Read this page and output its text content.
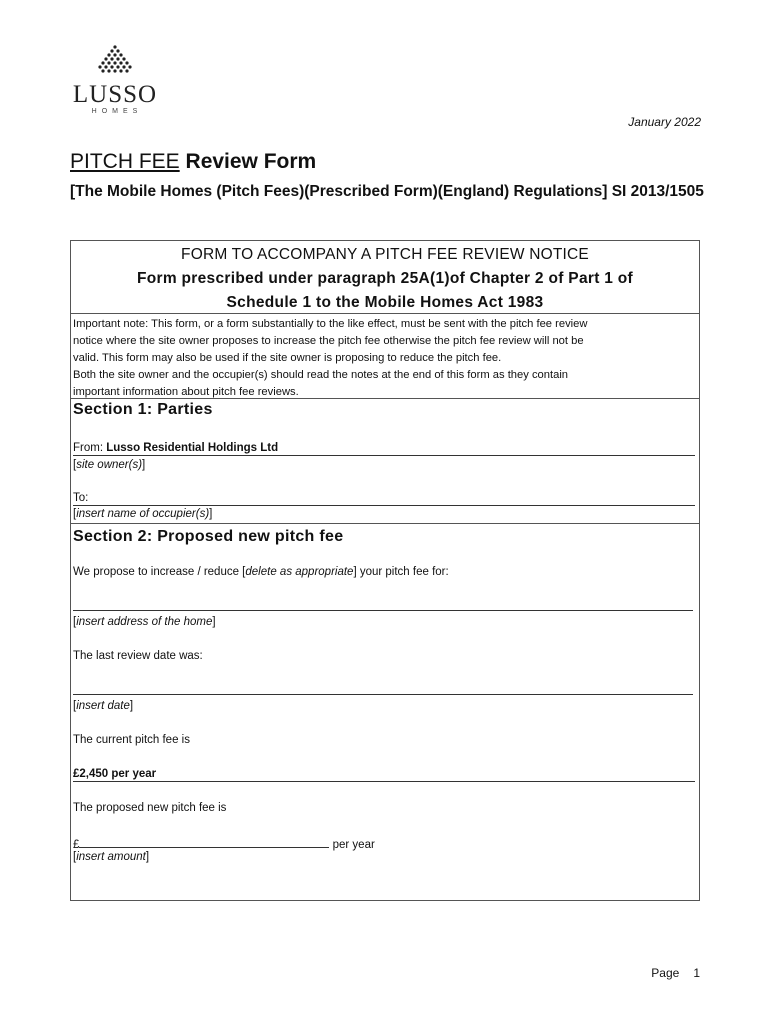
LUSSO
HOMES
January 2022
PITCH FEE Review Form
[The Mobile Homes (Pitch Fees)(Prescribed Form)(England) Regulations] SI 2013/1505
FORM TO ACCOMPANY A PITCH FEE REVIEW NOTICE
Form prescribed under paragraph 25A(1)of Chapter 2 of Part 1 of
Schedule 1 to the Mobile Homes Act 1983
Important note: This form, or a form substantially to the like effect, must be sent with the pitch fee review
notice where the site owner proposes to increase the pitch fee otherwise the pitch fee review will not be
valid. This form may also be used if the site owner is proposing to reduce the pitch fee.
Both the site owner and the occupier(s) should read the notes at the end of this form as they contain
important information about pitch fee reviews.
Section 1: Parties
From: Lusso Residential Holdings Ltd
[site owner(s)]
To:
[insert name of occupier(s)]
Section 2: Proposed new pitch fee
We propose to increase / reduce [delete as appropriate] your pitch fee for:
[insert address of the home]
The last review date was:
[insert date]
The current pitch fee is
£2,450 per year
The proposed new pitch fee is
£	per year
[insert amount]
Page 1
